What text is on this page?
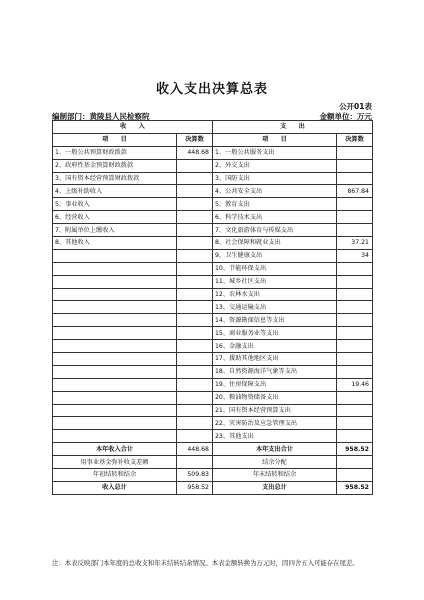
收入支出决算总表
公开01表
编制部门：黄陵县人民检察院	金额单位：万元
收　　入		支　　出	
项　　目	决算数	项　　目	决算数
1、一般公共预算财政拨款	448.68	1、一般公共服务支出	
2、政府性基金预算财政拨款		2、外交支出	
3、国有资本经营预算财政拨款		3、国防支出	
4、上级补助收入		4、公共安全支出	867.84
5、事业收入		5、教育支出	
6、经营收入		6、科学技术支出	
7、附属单位上缴收入		7、文化旅游体育与传媒支出	
8、其他收入		8、社会保障和就业支出	37.21
		9、卫生健康支出	34
		10、节能环保支出	
		11、城乡社区支出	
		12、农林水支出	
		13、交通运输支出	
		14、资源勘探信息等支出	
		15、商业服务业等支出	
		16、金融支出	
		17、援助其他地区支出	
		18、自然资源海洋气象等支出	
		19、住房保障支出	19.46
		20、粮油物资储备支出	
		21、国有资本经营预算支出	
		22、灾害防治及应急管理支出	
		23、其他支出	
本年收入合计	448.68	本年支出合计	958.52
用事业基金弥补收支差额		结余分配	
年初结转和结余	509.83	年末结转和结余	
收入总计	958.52	支出总计	958.52
注：本表反映部门本年度的总收支和年末结转结余情况。本表金额转换为万元时，因四舍五入可能存在尾差。
